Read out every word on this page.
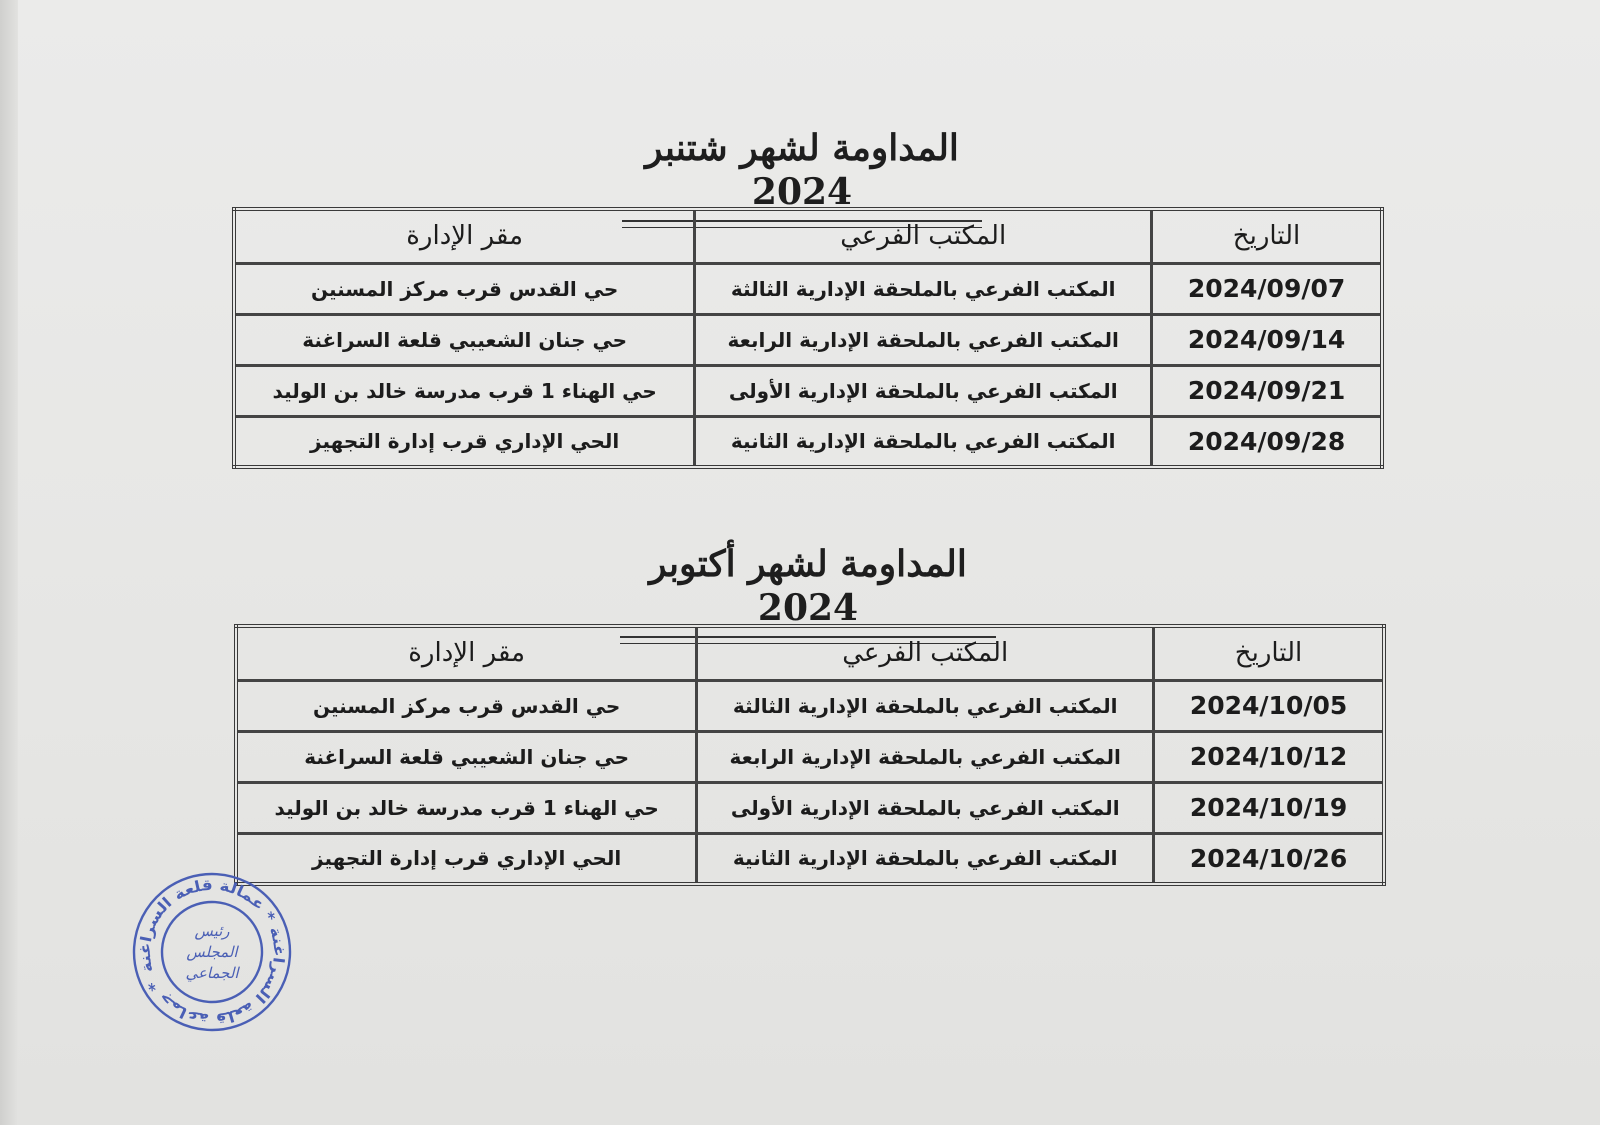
المداومة لشهر شتنبر 2024
التاريخ	المكتب الفرعي	مقر الإدارة
2024/09/07	المكتب الفرعي بالملحقة الإدارية الثالثة	حي القدس قرب مركز المسنين
2024/09/14	المكتب الفرعي بالملحقة الإدارية الرابعة	حي جنان الشعيبي قلعة السراغنة
2024/09/21	المكتب الفرعي بالملحقة الإدارية الأولى	حي الهناء 1 قرب مدرسة خالد بن الوليد
2024/09/28	المكتب الفرعي بالملحقة الإدارية الثانية	الحي الإداري قرب إدارة التجهيز
المداومة لشهر أكتوبر 2024
التاريخ	المكتب الفرعي	مقر الإدارة
2024/10/05	المكتب الفرعي بالملحقة الإدارية الثالثة	حي القدس قرب مركز المسنين
2024/10/12	المكتب الفرعي بالملحقة الإدارية الرابعة	حي جنان الشعيبي قلعة السراغنة
2024/10/19	المكتب الفرعي بالملحقة الإدارية الأولى	حي الهناء 1 قرب مدرسة خالد بن الوليد
2024/10/26	المكتب الفرعي بالملحقة الإدارية الثانية	الحي الإداري قرب إدارة التجهيز
جماعة قلعة السراغنة * عمالة قلعة السراغنة *
رئيس
المجلس
الجماعي
